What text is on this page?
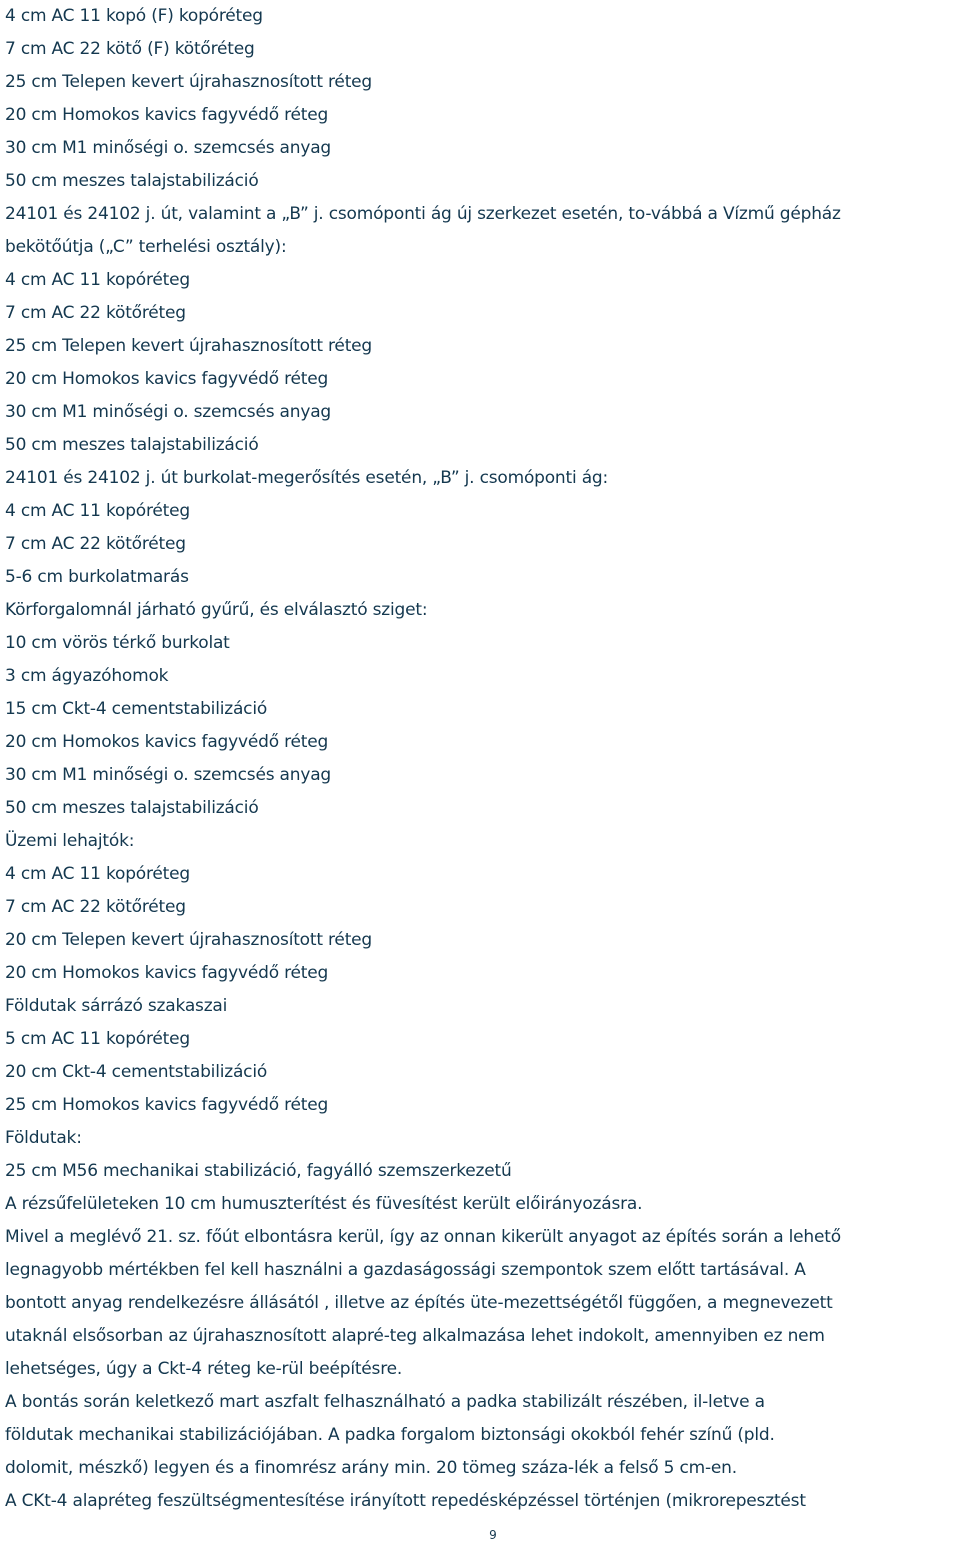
4 cm AC 11 kopó (F) kopóréteg

7 cm AC 22 kötő (F) kötőréteg

25 cm Telepen kevert újrahasznosított réteg

20 cm Homokos kavics fagyvédő réteg

30 cm M1 minőségi o. szemcsés anyag

50 cm meszes talajstabilizáció

24101 és 24102 j. út, valamint a „B” j. csomóponti ág új szerkezet esetén, to-vábbá a Vízmű gépház

bekötőútja („C” terhelési osztály):

4 cm AC 11 kopóréteg

7 cm AC 22 kötőréteg

25 cm Telepen kevert újrahasznosított réteg

20 cm Homokos kavics fagyvédő réteg

30 cm M1 minőségi o. szemcsés anyag

50 cm meszes talajstabilizáció

24101 és 24102 j. út burkolat-megerősítés esetén, „B” j. csomóponti ág:

4 cm AC 11 kopóréteg

7 cm AC 22 kötőréteg

5-6 cm burkolatmarás

Körforgalomnál járható gyűrű, és elválasztó sziget:

10 cm vörös térkő burkolat

3 cm ágyazóhomok

15 cm Ckt-4 cementstabilizáció

20 cm Homokos kavics fagyvédő réteg

30 cm M1 minőségi o. szemcsés anyag

50 cm meszes talajstabilizáció

Üzemi lehajtók:

4 cm AC 11 kopóréteg

7 cm AC 22 kötőréteg

20 cm Telepen kevert újrahasznosított réteg

20 cm Homokos kavics fagyvédő réteg

Földutak sárrázó szakaszai

5 cm AC 11 kopóréteg

20 cm Ckt-4 cementstabilizáció

25 cm Homokos kavics fagyvédő réteg

Földutak:

25 cm M56 mechanikai stabilizáció, fagyálló szemszerkezetű

A rézsűfelületeken 10 cm humuszterítést és füvesítést került előirányozásra.

Mivel a meglévő 21. sz. főút elbontásra kerül, így az onnan kikerült anyagot az építés során a lehető

legnagyobb mértékben fel kell használni a gazdaságossági szempontok szem előtt tartásával. A

bontott anyag rendelkezésre állásától , illetve az építés üte-mezettségétől függően, a megnevezett

utaknál elsősorban az újrahasznosított alapré-teg alkalmazása lehet indokolt, amennyiben ez nem

lehetséges, úgy a Ckt-4 réteg ke-rül beépítésre.

A bontás során keletkező mart aszfalt felhasználható a padka stabilizált részében, il-letve a

földutak mechanikai stabilizációjában. A padka forgalom biztonsági okokból fehér színű (pld.

dolomit, mészkő) legyen és a finomrész arány min. 20 tömeg száza-lék a felső 5 cm-en.

A CKt-4 alapréteg feszültségmentesítése irányított repedésképzéssel történjen (mikrorepesztést

9
